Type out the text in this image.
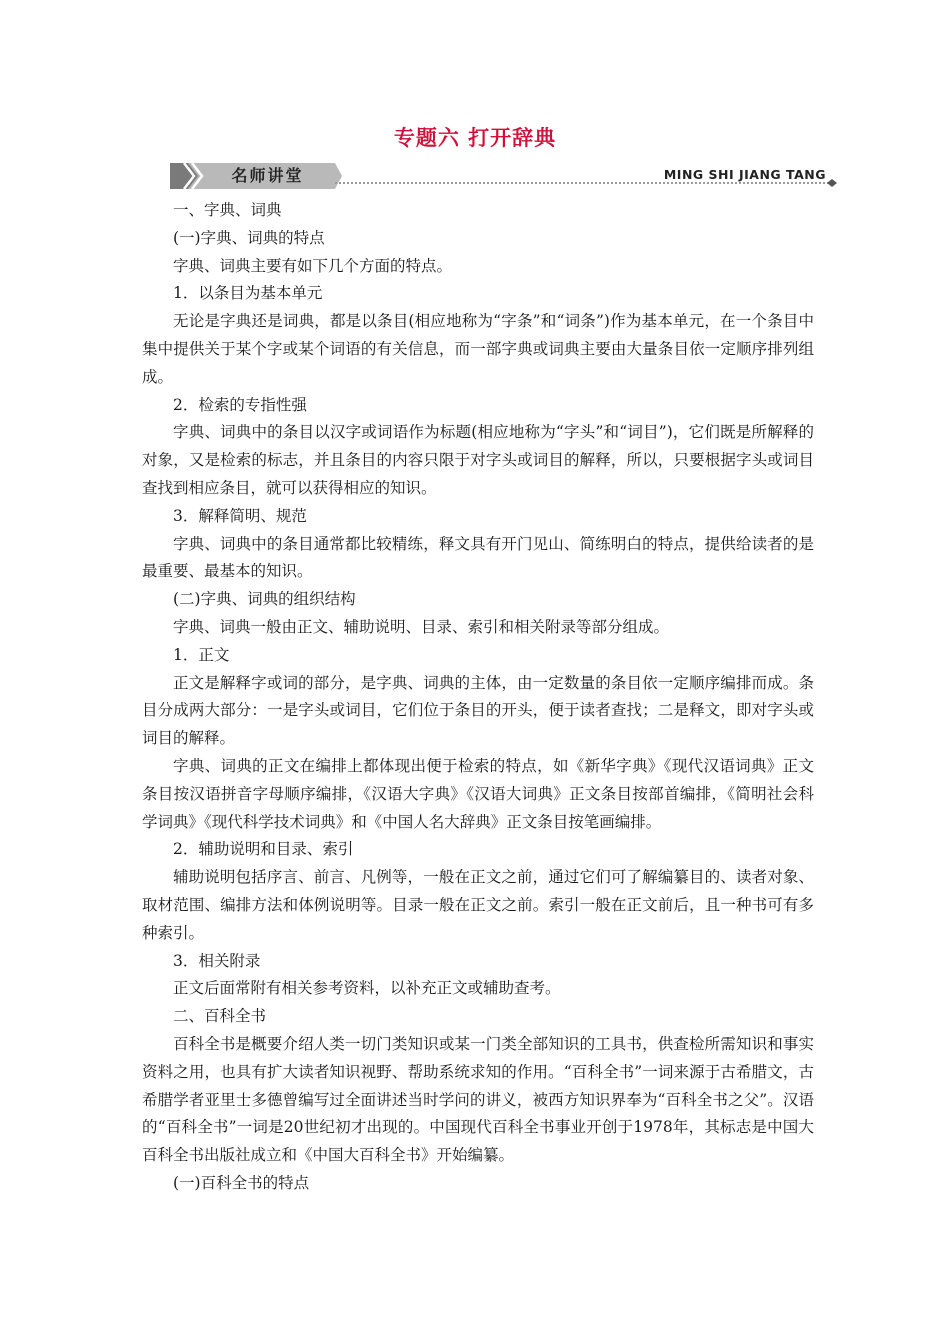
专题六 打开辞典
名师讲堂	MING SHI JIANG TANG

一、字典、词典

(一)字典、词典的特点

字典、词典主要有如下几个方面的特点。

1．以条目为基本单元

无论是字典还是词典，都是以条目(相应地称为“字条”和“词条”)作为基本单元，在一个条目中集中提供关于某个字或某个词语的有关信息，而一部字典或词典主要由大量条目依一定顺序排列组成。

2．检索的专指性强

字典、词典中的条目以汉字或词语作为标题(相应地称为“字头”和“词目”)，它们既是所解释的对象，又是检索的标志，并且条目的内容只限于对字头或词目的解释，所以，只要根据字头或词目查找到相应条目，就可以获得相应的知识。

3．解释简明、规范

字典、词典中的条目通常都比较精练，释文具有开门见山、简练明白的特点，提供给读者的是最重要、最基本的知识。

(二)字典、词典的组织结构

字典、词典一般由正文、辅助说明、目录、索引和相关附录等部分组成。

1．正文

正文是解释字或词的部分，是字典、词典的主体，由一定数量的条目依一定顺序编排而成。条目分成两大部分：一是字头或词目，它们位于条目的开头，便于读者查找；二是释文，即对字头或词目的解释。

字典、词典的正文在编排上都体现出便于检索的特点，如《新华字典》《现代汉语词典》正文条目按汉语拼音字母顺序编排，《汉语大字典》《汉语大词典》正文条目按部首编排，《简明社会科学词典》《现代科学技术词典》和《中国人名大辞典》正文条目按笔画编排。

2．辅助说明和目录、索引

辅助说明包括序言、前言、凡例等，一般在正文之前，通过它们可了解编纂目的、读者对象、取材范围、编排方法和体例说明等。目录一般在正文之前。索引一般在正文前后，且一种书可有多种索引。

3．相关附录

正文后面常附有相关参考资料，以补充正文或辅助查考。

二、百科全书

百科全书是概要介绍人类一切门类知识或某一门类全部知识的工具书，供查检所需知识和事实资料之用，也具有扩大读者知识视野、帮助系统求知的作用。“百科全书”一词来源于古希腊文，古希腊学者亚里士多德曾编写过全面讲述当时学问的讲义，被西方知识界奉为“百科全书之父”。汉语的“百科全书”一词是20世纪初才出现的。中国现代百科全书事业开创于1978年，其标志是中国大百科全书出版社成立和《中国大百科全书》开始编纂。

(一)百科全书的特点
